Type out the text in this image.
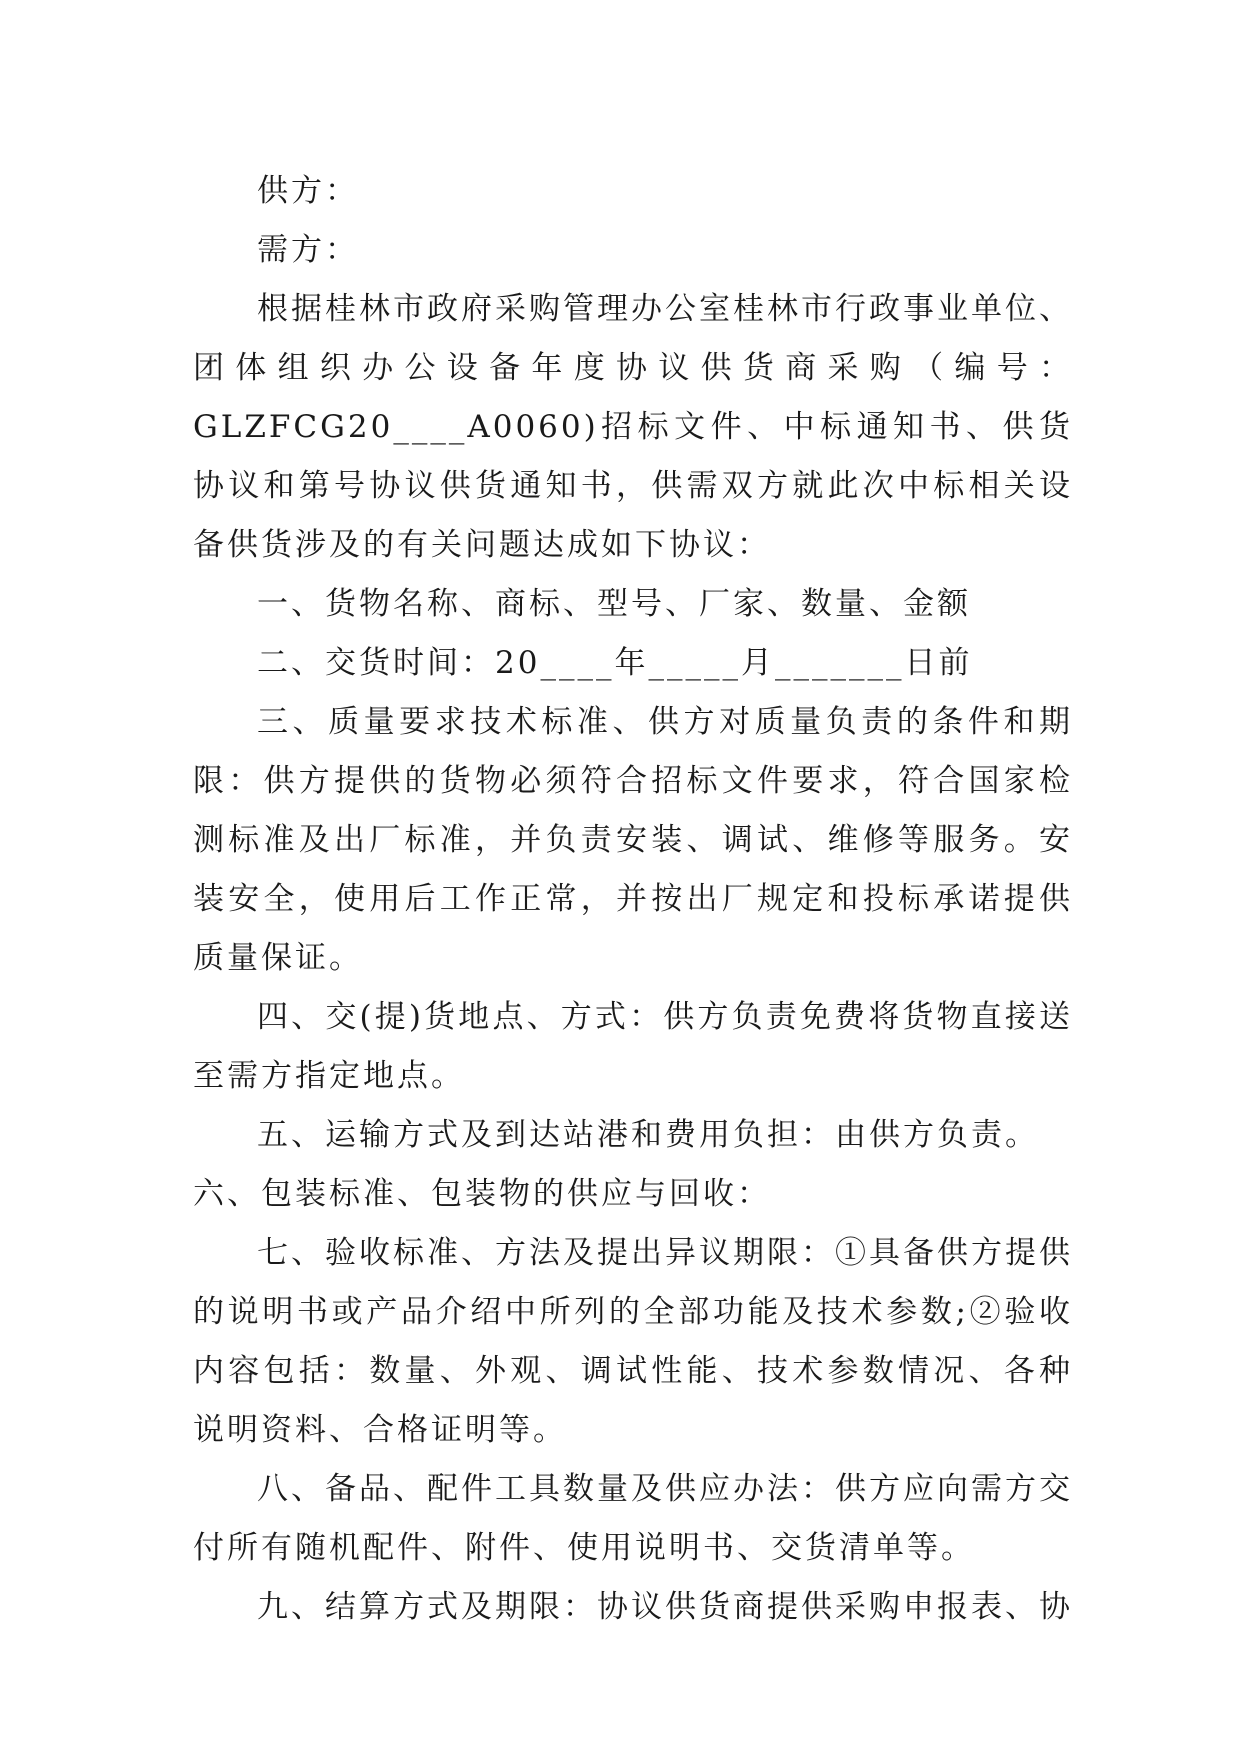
供方：

需方：

根据桂林市政府采购管理办公室桂林市行政事业单位、团体组织办公设备年度协议供货商采购（编号：GLZFCG20____A0060)招标文件、中标通知书、供货协议和第号协议供货通知书，供需双方就此次中标相关设备供货涉及的有关问题达成如下协议：

一、货物名称、商标、型号、厂家、数量、金额

二、交货时间：20____年_____月_______日前

三、质量要求技术标准、供方对质量负责的条件和期限：供方提供的货物必须符合招标文件要求，符合国家检测标准及出厂标准，并负责安装、调试、维修等服务。安装安全，使用后工作正常，并按出厂规定和投标承诺提供质量保证。

四、交(提)货地点、方式：供方负责免费将货物直接送至需方指定地点。

五、运输方式及到达站港和费用负担：由供方负责。

六、包装标准、包装物的供应与回收：

七、验收标准、方法及提出异议期限：①具备供方提供的说明书或产品介绍中所列的全部功能及技术参数;②验收内容包括：数量、外观、调试性能、技术参数情况、各种说明资料、合格证明等。

八、备品、配件工具数量及供应办法：供方应向需方交付所有随机配件、附件、使用说明书、交货清单等。

九、结算方式及期限：协议供货商提供采购申报表、协
